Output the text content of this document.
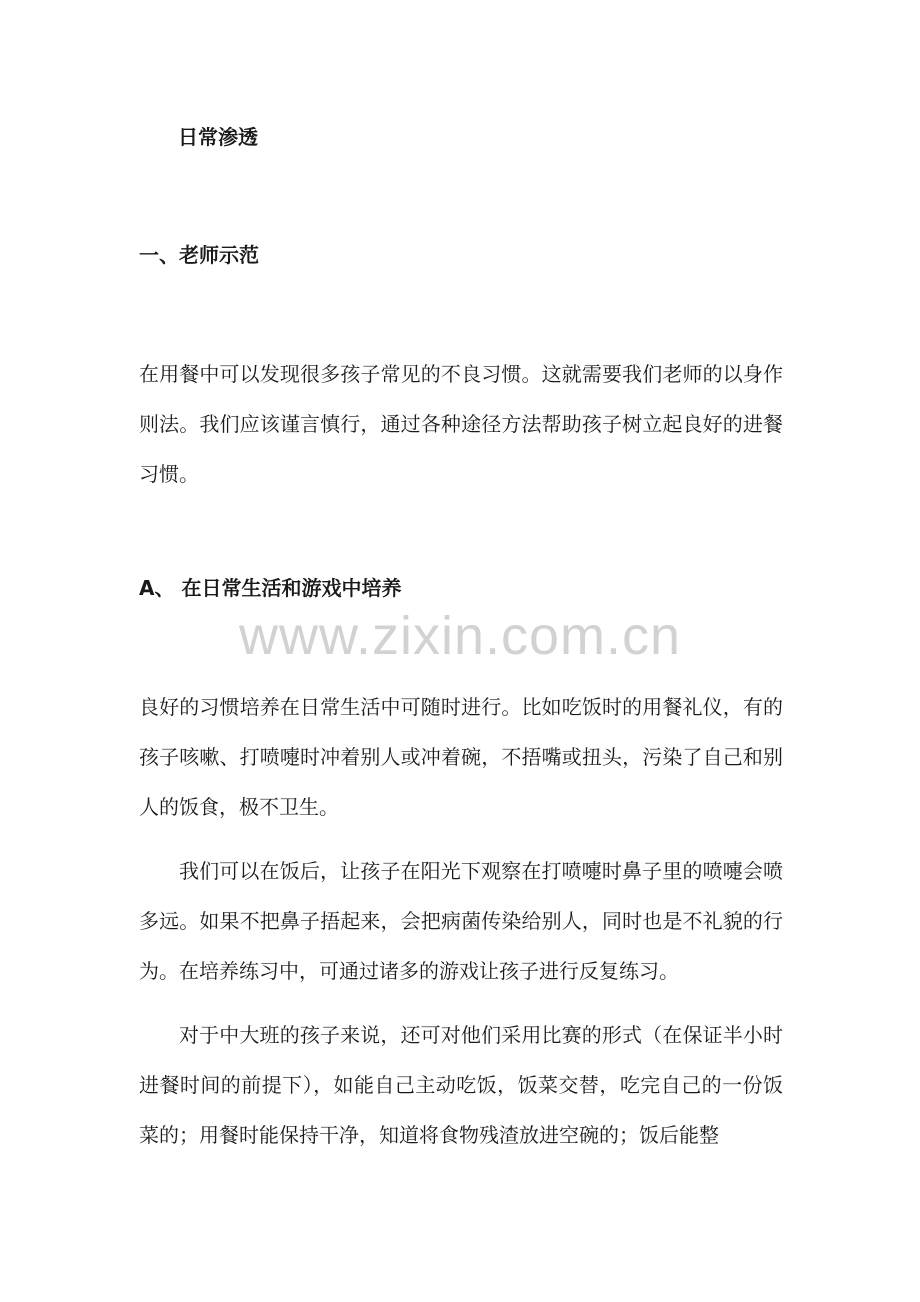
日常渗透
一、老师示范

在用餐中可以发现很多孩子常见的不良习惯。这就需要我们老师的以身作则法。我们应该谨言慎行，通过各种途径方法帮助孩子树立起良好的进餐习惯。

A、 在日常生活和游戏中培养
www.zixin.com.cn

良好的习惯培养在日常生活中可随时进行。比如吃饭时的用餐礼仪，有的孩子咳嗽、打喷嚏时冲着别人或冲着碗，不捂嘴或扭头，污染了自己和别人的饭食，极不卫生。

我们可以在饭后，让孩子在阳光下观察在打喷嚏时鼻子里的喷嚏会喷多远。如果不把鼻子捂起来，会把病菌传染给别人，同时也是不礼貌的行为。在培养练习中，可通过诸多的游戏让孩子进行反复练习。

对于中大班的孩子来说，还可对他们采用比赛的形式（在保证半小时进餐时间的前提下），如能自己主动吃饭，饭菜交替，吃完自己的一份饭菜的；用餐时能保持干净，知道将食物残渣放进空碗的；饭后能整
